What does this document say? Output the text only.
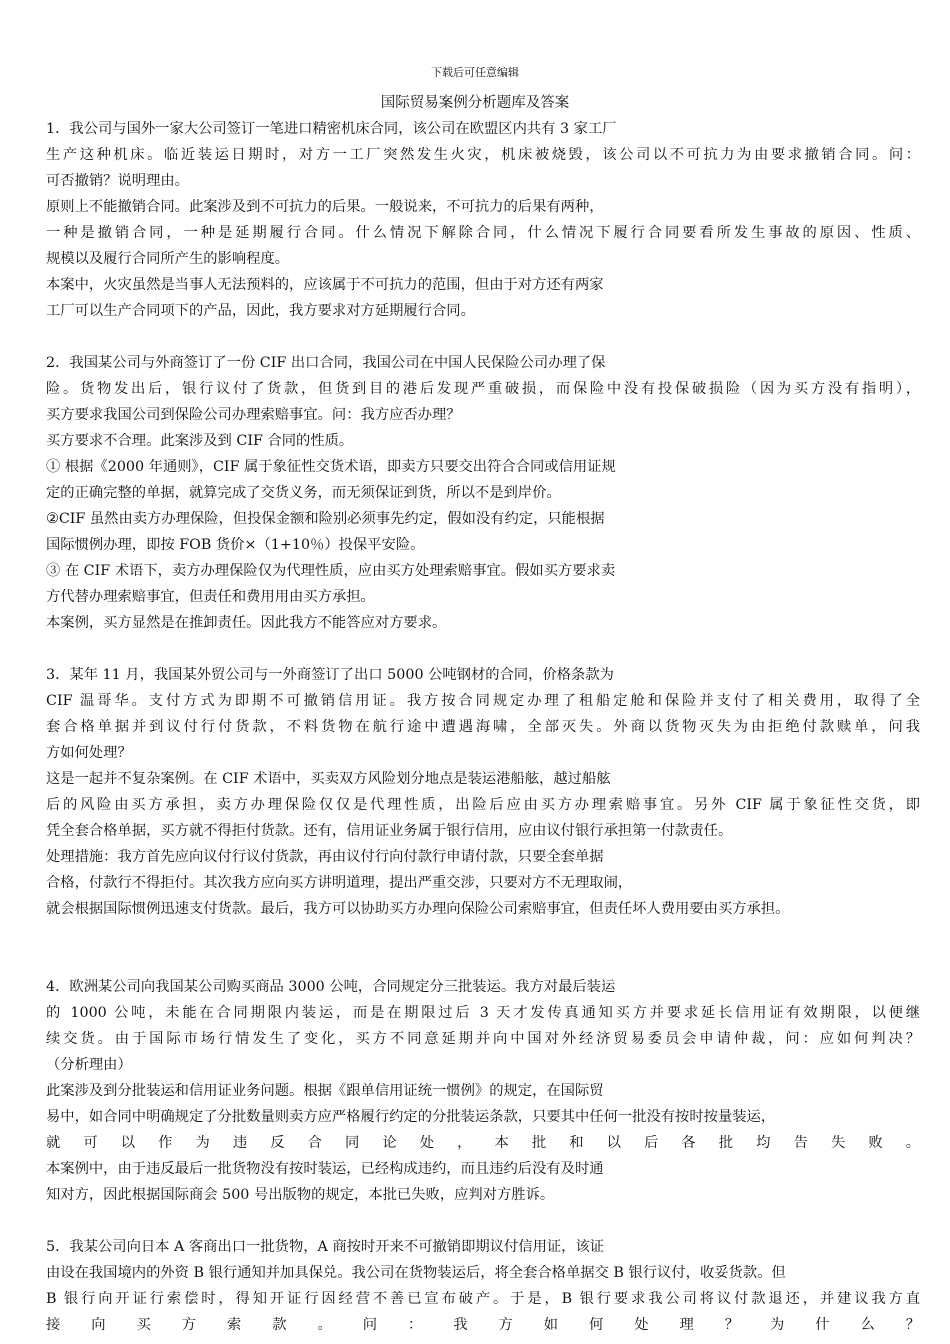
下载后可任意编辑
国际贸易案例分析题库及答案
1．我公司与国外一家大公司签订一笔进口精密机床合同，该公司在欧盟区内共有 3 家工厂
生产这种机床。临近装运日期时，对方一工厂突然发生火灾，机床被烧毁，该公司以不可抗力为由要求撤销合同。问：
可否撤销？说明理由。
原则上不能撤销合同。此案涉及到不可抗力的后果。一般说来，不可抗力的后果有两种，
一种是撤销合同，一种是延期履行合同。什么情况下解除合同，什么情况下履行合同要看所发生事故的原因、性质、
规模以及履行合同所产生的影响程度。
本案中，火灾虽然是当事人无法预料的，应该属于不可抗力的范围，但由于对方还有两家
工厂可以生产合同项下的产品，因此，我方要求对方延期履行合同。
2．我国某公司与外商签订了一份 CIF 出口合同，我国公司在中国人民保险公司办理了保
险。货物发出后，银行议付了货款，但货到目的港后发现严重破损，而保险中没有投保破损险（因为买方没有指明），
买方要求我国公司到保险公司办理索赔事宜。问：我方应否办理？
买方要求不合理。此案涉及到 CIF 合同的性质。
① 根据《2000 年通则》，CIF 属于象征性交货术语，即卖方只要交出符合合同或信用证规
定的正确完整的单据，就算完成了交货义务，而无须保证到货，所以不是到岸价。
②CIF 虽然由卖方办理保险，但投保金额和险别必须事先约定，假如没有约定，只能根据
国际惯例办理，即按 FOB 货价×（1+10％）投保平安险。
③ 在 CIF 术语下，卖方办理保险仅为代理性质，应由买方处理索赔事宜。假如买方要求卖
方代替办理索赔事宜，但责任和费用用由买方承担。
本案例，买方显然是在推卸责任。因此我方不能答应对方要求。
3．某年 11 月，我国某外贸公司与一外商签订了出口 5000 公吨钢材的合同，价格条款为
CIF 温哥华。支付方式为即期不可撤销信用证。我方按合同规定办理了租船定舱和保险并支付了相关费用，取得了全
套合格单据并到议付行付货款，不料货物在航行途中遭遇海啸，全部灭失。外商以货物灭失为由拒绝付款赎单，问我
方如何处理？
这是一起并不复杂案例。在 CIF 术语中，买卖双方风险划分地点是装运港船舷，越过船舷
后的风险由买方承担，卖方办理保险仅仅是代理性质，出险后应由买方办理索赔事宜。另外 CIF 属于象征性交货，即
凭全套合格单据，买方就不得拒付货款。还有，信用证业务属于银行信用，应由议付银行承担第一付款责任。
处理措施：我方首先应向议付行议付货款，再由议付行向付款行申请付款，只要全套单据
合格，付款行不得拒付。其次我方应向买方讲明道理，提出严重交涉，只要对方不无理取闹，
就会根据国际惯例迅速支付货款。最后，我方可以协助买方办理向保险公司索赔事宜，但责任坏人费用要由买方承担。
4．欧洲某公司向我国某公司购买商品 3000 公吨，合同规定分三批装运。我方对最后装运
的 1000 公吨，未能在合同期限内装运，而是在期限过后 3 天才发传真通知买方并要求延长信用证有效期限，以便继
续交货。由于国际市场行情发生了变化，买方不同意延期并向中国对外经济贸易委员会申请仲裁，问：应如何判决？
（分析理由）
此案涉及到分批装运和信用证业务问题。根据《跟单信用证统一惯例》的规定，在国际贸
易中，如合同中明确规定了分批数量则卖方应严格履行约定的分批装运条款，只要其中任何一批没有按时按量装运，
就可以作为违反合同论处，本批和以后各批均告失败。
本案例中，由于违反最后一批货物没有按时装运，已经构成违约，而且违约后没有及时通
知对方，因此根据国际商会 500 号出版物的规定，本批已失败，应判对方胜诉。
5．我某公司向日本 A 客商出口一批货物，A 商按时开来不可撤销即期议付信用证，该证
由设在我国境内的外资 B 银行通知并加具保兑。我公司在货物装运后，将全套合格单据交 B 银行议付，收妥货款。但
B 银行向开证行索偿时，得知开证行因经营不善已宣布破产。于是，B 银行要求我公司将议付款退还，并建议我方直
接向买方索款。问：我方如何处理？为什么？
